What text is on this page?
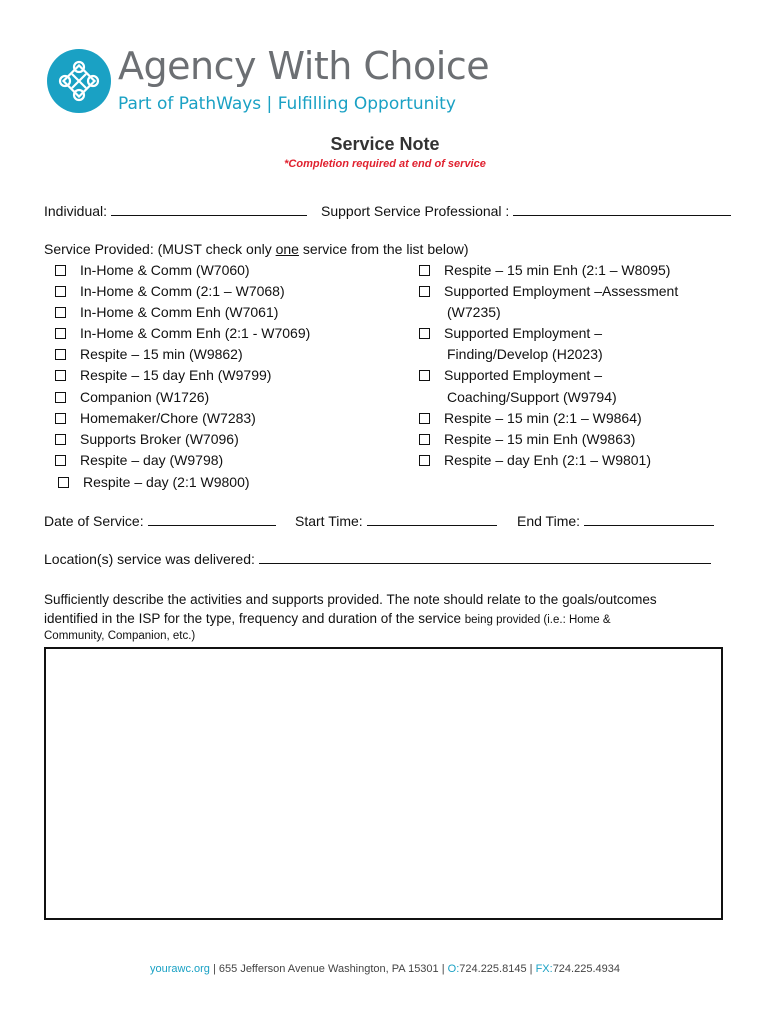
Agency With Choice
Part of PathWays | Fulfilling Opportunity
Service Note
*Completion required at end of service
Individual:	Support Service Professional :
Service Provided: (MUST check only one service from the list below)
In-Home & Comm (W7060)
In-Home & Comm (2:1 – W7068)
In-Home & Comm Enh (W7061)
In-Home & Comm Enh (2:1 - W7069)
Respite – 15 min (W9862)
Respite – 15 day Enh (W9799)
Companion (W1726)
Homemaker/Chore (W7283)
Supports Broker (W7096)
Respite – day (W9798)
Respite – day (2:1 W9800)
Respite – 15 min Enh (2:1 – W8095)
Supported Employment –Assessment
(W7235)
Supported Employment –
Finding/Develop (H2023)
Supported Employment –
Coaching/Support (W9794)
Respite – 15 min (2:1 – W9864)
Respite – 15 min Enh (W9863)
Respite – day Enh (2:1 – W9801)
Date of Service:	Start Time:	End Time:
Location(s) service was delivered:
Sufficiently describe the activities and supports provided. The note should relate to the goals/outcomes
identified in the ISP for the type, frequency and duration of the service being provided (i.e.: Home &
Community, Companion, etc.)
yourawc.org | 655 Jefferson Avenue Washington, PA 15301 | O:724.225.8145 | FX:724.225.4934
